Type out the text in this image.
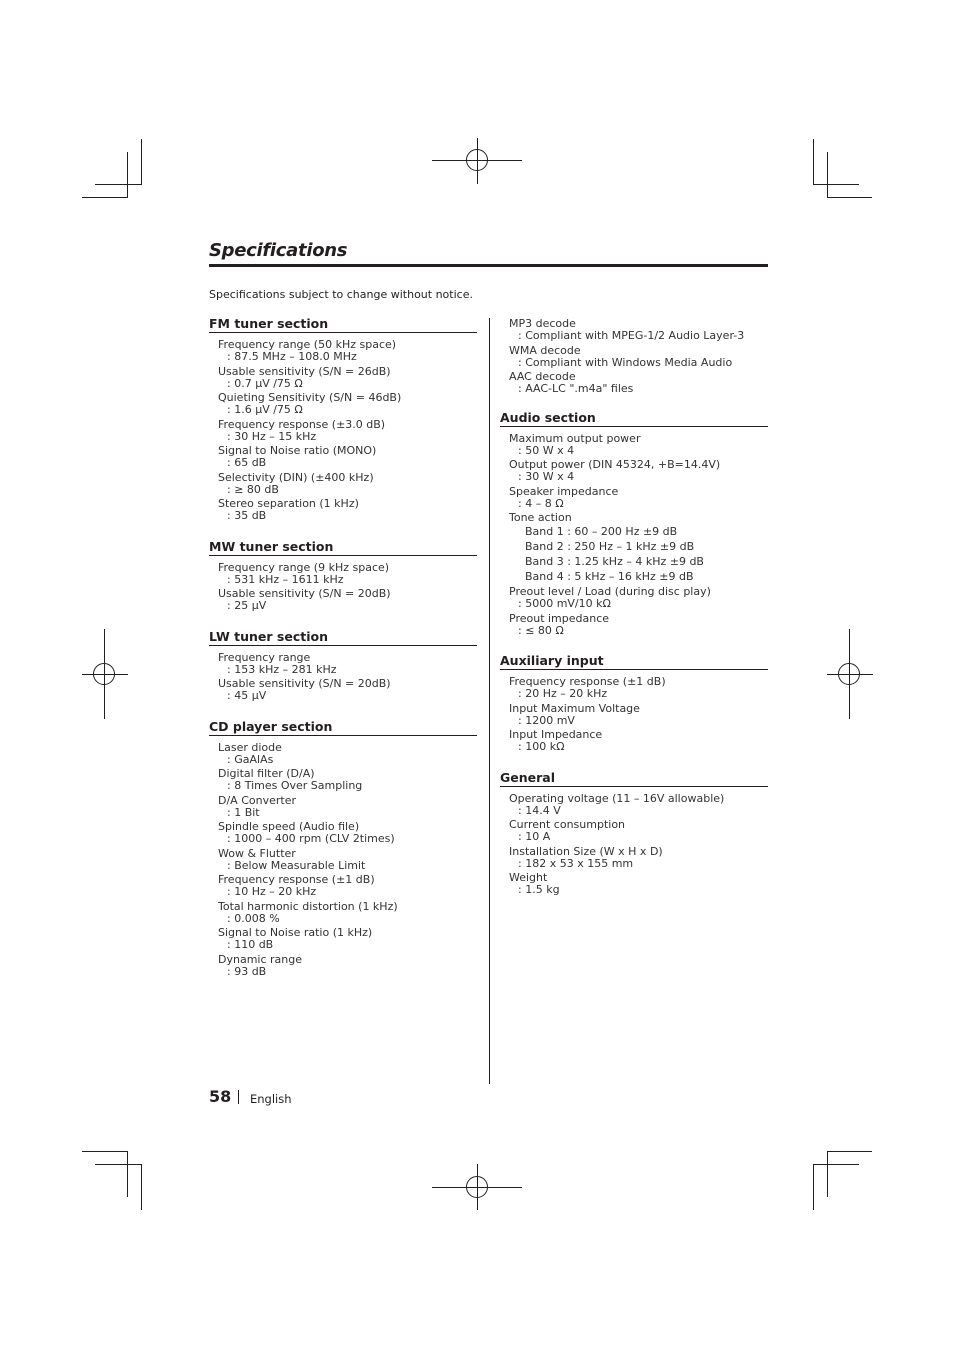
Specifications
Specifications subject to change without notice.
FM tuner section
Frequency range (50 kHz space)
: 87.5 MHz – 108.0 MHz
Usable sensitivity (S/N = 26dB)
: 0.7 µV /75 Ω
Quieting Sensitivity (S/N = 46dB)
: 1.6 µV /75 Ω
Frequency response (±3.0 dB)
: 30 Hz – 15 kHz
Signal to Noise ratio (MONO)
: 65 dB
Selectivity (DIN) (±400 kHz)
: ≥ 80 dB
Stereo separation (1 kHz)
: 35 dB
MW tuner section
Frequency range (9 kHz space)
: 531 kHz – 1611 kHz
Usable sensitivity (S/N = 20dB)
: 25 µV
LW tuner section
Frequency range
: 153 kHz – 281 kHz
Usable sensitivity (S/N = 20dB)
: 45 µV
CD player section
Laser diode
: GaAlAs
Digital filter (D/A)
: 8 Times Over Sampling
D/A Converter
: 1 Bit
Spindle speed (Audio file)
: 1000 – 400 rpm (CLV 2times)
Wow & Flutter
: Below Measurable Limit
Frequency response (±1 dB)
: 10 Hz – 20 kHz
Total harmonic distortion (1 kHz)
: 0.008 %
Signal to Noise ratio (1 kHz)
: 110 dB
Dynamic range
: 93 dB
MP3 decode
: Compliant with MPEG-1/2 Audio Layer-3
WMA decode
: Compliant with Windows Media Audio
AAC decode
: AAC-LC ".m4a" files
Audio section
Maximum output power
: 50 W x 4
Output power (DIN 45324, +B=14.4V)
: 30 W x 4
Speaker impedance
: 4 – 8 Ω
Tone action
Band 1 : 60 – 200 Hz ±9 dB
Band 2 : 250 Hz – 1 kHz ±9 dB
Band 3 : 1.25 kHz – 4 kHz ±9 dB
Band 4 : 5 kHz – 16 kHz ±9 dB
Preout level / Load (during disc play)
: 5000 mV/10 kΩ
Preout impedance
: ≤ 80 Ω
Auxiliary input
Frequency response (±1 dB)
: 20 Hz – 20 kHz
Input Maximum Voltage
: 1200 mV
Input Impedance
: 100 kΩ
General
Operating voltage (11 – 16V allowable)
: 14.4 V
Current consumption
: 10 A
Installation Size (W x H x D)
: 182 x 53 x 155 mm
Weight
: 1.5 kg
58 English
